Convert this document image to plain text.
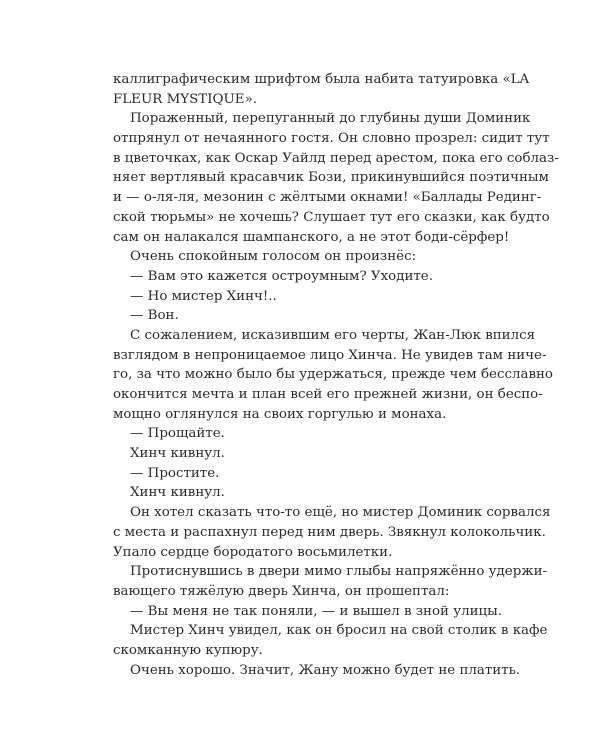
каллиграфическим шрифтом была набита татуировка «LA
FLEUR MYSTIQUE».
Пораженный, перепуганный до глубины души Доминик
отпрянул от нечаянного гостя. Он словно прозрел: сидит тут
в цветочках, как Оскар Уайлд перед арестом, пока его соблаз-
няет вертлявый красавчик Бози, прикинувшийся поэтичным
и — о-ля-ля, мезонин с жёлтыми окнами! «Баллады Рединг-
ской тюрьмы» не хочешь? Слушает тут его сказки, как будто
сам он налакался шампанского, а не этот боди-сёрфер!
Очень спокойным голосом он произнёс:
— Вам это кажется остроумным? Уходите.
— Но мистер Хинч!..
— Вон.
С сожалением, исказившим его черты, Жан-Люк впился
взглядом в непроницаемое лицо Хинча. Не увидев там ниче-
го, за что можно было бы удержаться, прежде чем бесславно
окончится мечта и план всей его прежней жизни, он беспо-
мощно оглянулся на своих горгулью и монаха.
— Прощайте.
Хинч кивнул.
— Простите.
Хинч кивнул.
Он хотел сказать что-то ещё, но мистер Доминик сорвался
с места и распахнул перед ним дверь. Звякнул колокольчик.
Упало сердце бородатого восьмилетки.
Протиснувшись в двери мимо глыбы напряжённо удержи-
вающего тяжёлую дверь Хинча, он прошептал:
— Вы меня не так поняли, — и вышел в зной улицы.
Мистер Хинч увидел, как он бросил на свой столик в кафе
скомканную купюру.
Очень хорошо. Значит, Жану можно будет не платить.
